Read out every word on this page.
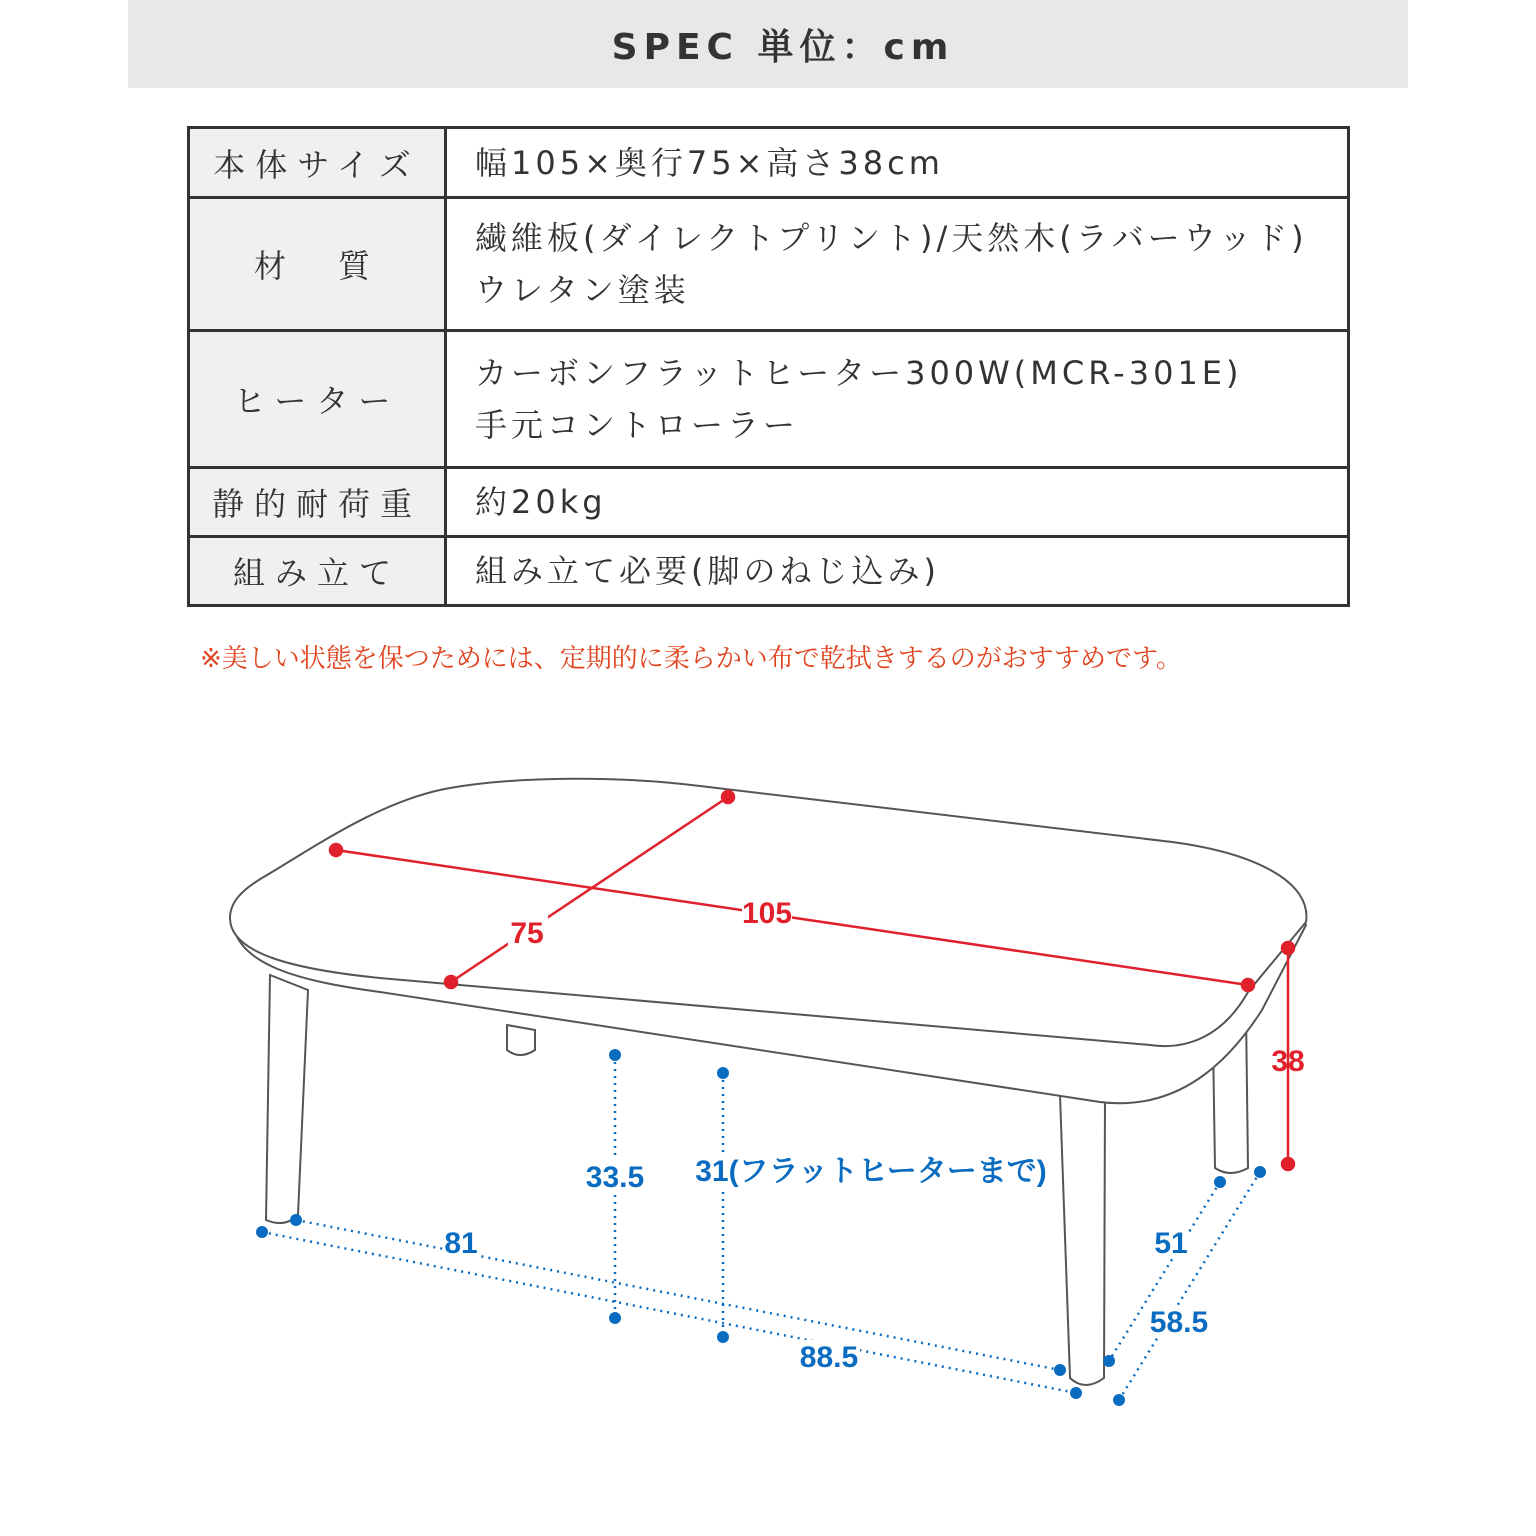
SPEC 単位：cm
本体サイズ	幅105×奥行75×高さ38cm
材　質	繊維板(ダイレクトプリント)/天然木(ラバーウッド)
ウレタン塗装

ヒーター	カーボンフラットヒーター300W(MCR-301E)
手元コントローラー

静的耐荷重	約20kg
組み立て	組み立て必要(脚のねじ込み)
※美しい状態を保つためには、定期的に柔らかい布で乾拭きするのがおすすめです。
105
75
38
33.5 31(フラットヒーターまで)
81
88.5
51
58.5
